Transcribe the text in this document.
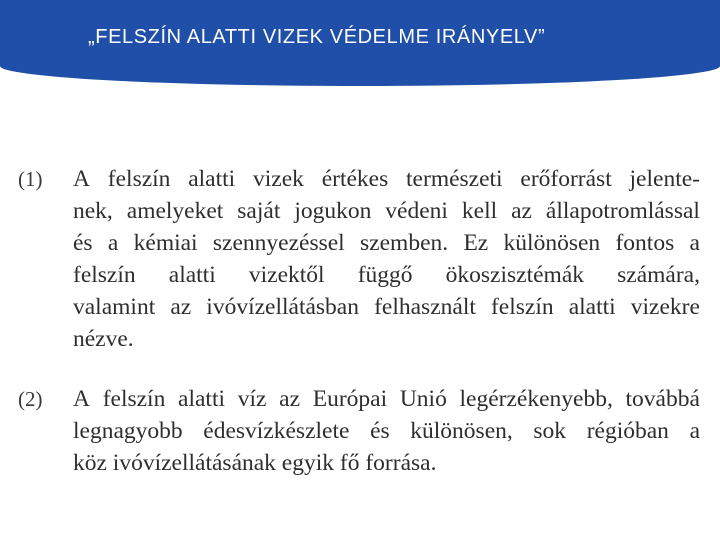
„FELSZÍN ALATTI VIZEK VÉDELME IRÁNYELV”
(1)	A felszín alatti vizek értékes természeti erőforrást jelente-
nek, amelyeket saját jogukon védeni kell az állapotromlással
és a kémiai szennyezéssel szemben. Ez különösen fontos a
felszín alatti vizektől függő ökoszisztémák számára,
valamint az ivóvízellátásban felhasznált felszín alatti vizekre
nézve.
(2)	A felszín alatti víz az Európai Unió legérzékenyebb, továbbá
legnagyobb édesvízkészlete és különösen, sok régióban a
köz ivóvízellátásának egyik fő forrása.
